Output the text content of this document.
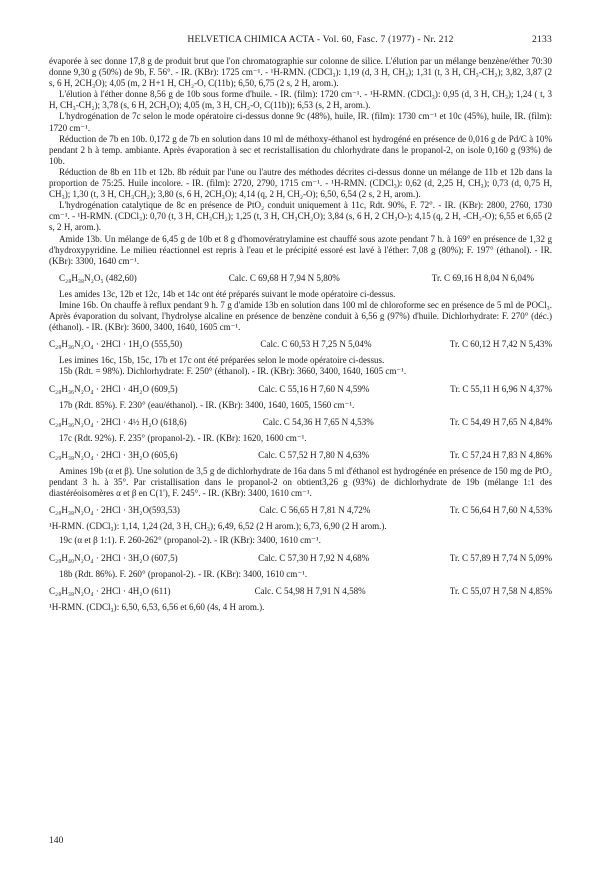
HELVETICA CHIMICA ACTA - Vol. 60, Fasc. 7 (1977) - Nr. 212	2133

évaporée à sec donne 17,8 g de produit brut que l'on chromatographie sur colonne de silice. L'élution par un mélange benzène/éther 70:30 donne 9,30 g (50%) de 9b, F. 56°. - IR. (KBr): 1725 cm⁻¹. - ¹H-RMN. (CDCl₃): 1,19 (d, 3 H, CH₃); 1,31 (t, 3 H, CH₃-CH₂); 3,82, 3,87 (2 s, 6 H, 2CH₃O); 4,05 (m, 2 H+1 H, CH₂-O, C(11b); 6,50, 6,75 (2 s, 2 H, arom.).

L'élution à l'éther donne 8,56 g de 10b sous forme d'huile. - IR. (film): 1720 cm⁻¹. - ¹H-RMN. (CDCl₃): 0,95 (d, 3 H, CH₃); 1,24 ( t, 3 H, CH₃-CH₂); 3,78 (s, 6 H, 2CH₃O); 4,05 (m, 3 H, CH₂-O, C(11b)); 6,53 (s, 2 H, arom.).

L'hydrogénation de 7c selon le mode opératoire ci-dessus donne 9c (48%), huile, IR. (film): 1730 cm⁻¹ et 10c (45%), huile, IR. (film): 1720 cm⁻¹.

Réduction de 7b en 10b. 0,172 g de 7b en solution dans 10 ml de méthoxy-éthanol est hydrogéné en présence de 0,016 g de Pd/C à 10% pendant 2 h à temp. ambiante. Après évaporation à sec et recristallisation du chlorhydrate dans le propanol-2, on isole 0,160 g (93%) de 10b.

Réduction de 8b en 11b et 12b. 8b réduit par l'une ou l'autre des méthodes décrites ci-dessus donne un mélange de 11b et 12b dans la proportion de 75:25. Huile incolore. - IR. (film): 2720, 2790, 1715 cm⁻¹. - ¹H-RMN. (CDCl₃): 0,62 (d, 2,25 H, CH₃); 0,73 (d, 0,75 H, CH₃); 1,30 (t, 3 H, CH₃CH₂); 3,80 (s, 6 H, 2CH₃O); 4,14 (q, 2 H, CH₂-O); 6,50, 6,54 (2 s, 2 H, arom.).

L'hydrogénation catalytique de 8c en présence de PtO₂ conduit uniquement à 11c, Rdt. 90%, F. 72°. - IR. (KBr): 2800, 2760, 1730 cm⁻¹. - ¹H-RMN. (CDCl₃): 0,70 (t, 3 H, CH₃CH₂); 1,25 (t, 3 H, CH₃CH₂O); 3,84 (s, 6 H, 2 CH₃O-); 4,15 (q, 2 H, -CH₂-O); 6,55 et 6,65 (2 s, 2 H, arom.).

Amide 13b. Un mélange de 6,45 g de 10b et 8 g d'homovératrylamine est chauffé sous azote pendant 7 h. à 169° en présence de 1,32 g d'hydroxypyridine. Le milieu réactionnel est repris à l'eau et le précipité essoré est lavé à l'éther: 7,08 g (80%); F. 197° (éthanol). - IR. (KBr): 3300, 1640 cm⁻¹.

C₂₈H₃₈N₂O₅ (482,60)	Calc. C 69,68 H 7,94 N 5,80%	Tr. C 69,16 H 8,04 N 6,04%

Les amides 13c, 12b et 12c, 14b et 14c ont été préparés suivant le mode opératoire ci-dessus.

Imine 16b. On chauffe à reflux pendant 9 h. 7 g d'amide 13b en solution dans 100 ml de chloroforme sec en présence de 5 ml de POCl₃. Après évaporation du solvant, l'hydrolyse alcaline en présence de benzène conduit à 6,56 g (97%) d'huile. Dichlorhydrate: F. 270° (déc.) (éthanol). - IR. (KBr): 3600, 3400, 1640, 1605 cm⁻¹.

C₂₈H₃₆N₂O₄ · 2HCl · 1H₂O (555,50)	Calc. C 60,53 H 7,25 N 5,04%	Tr. C 60,12 H 7,42 N 5,43%

Les imines 16c, 15b, 15c, 17b et 17c ont été préparées selon le mode opératoire ci-dessus.

15b (Rdt. = 98%). Dichlorhydrate: F. 250° (éthanol). - IR. (KBr): 3660, 3400, 1640, 1605 cm⁻¹.

C₂₈H₃₆N₂O₄ · 2HCl · 4H₂O (609,5)	Calc. C 55,16 H 7,60 N 4,59%	Tr. C 55,11 H 6,96 N 4,37%

17b (Rdt. 85%). F. 230° (eau/éthanol). - IR. (KBr): 3400, 1640, 1605, 1560 cm⁻¹.

C₂₈H₃₆N₂O₄ · 2HCl · 4½ H₂O (618,6)	Calc. C 54,36 H 7,65 N 4,53%	Tr. C 54,49 H 7,65 N 4,84%

17c (Rdt. 92%). F. 235° (propanol-2). - IR. (KBr): 1620, 1600 cm⁻¹.

C₂₉H₃₈N₂O₄ · 2HCl · 3H₂O (605,6)	Calc. C 57,52 H 7,80 N 4,63%	Tr. C 57,24 H 7,83 N 4,86%

Amines 19b (α et β). Une solution de 3,5 g de dichlorhydrate de 16a dans 5 ml d'éthanol est hydrogénée en présence de 150 mg de PtO₂ pendant 3 h. à 35°. Par cristallisation dans le propanol-2 on obtient3,26 g (93%) de dichlorhydrate de 19b (mélange 1:1 des diastéréoisomères α et β en C(1'), F. 245°. - IR. (KBr): 3400, 1610 cm⁻¹.

C₂₈H₃₈N₂O₄ · 2HCl · 3H₂O(593,53)	Calc. C 56,65 H 7,81 N 4,72%	Tr. C 56,64 H 7,60 N 4,53%

¹H-RMN. (CDCl₃): 1,14, 1,24 (2d, 3 H, CH₃); 6,49, 6,52 (2 H arom.); 6,73, 6,90 (2 H arom.).

19c (α et β 1:1). F. 260-262° (propanol-2). - IR (KBr): 3400, 1610 cm⁻¹.

C₂₉H₄₀N₂O₄ · 2HCl · 3H₂O (607,5)	Calc. C 57,30 H 7,92 N 4,68%	Tr. C 57,89 H 7,74 N 5,09%

18b (Rdt. 86%). F. 260° (propanol-2). - IR. (KBr): 3400, 1610 cm⁻¹.

C₂₈H₃₈N₂O₄ · 2HCl · 4H₂O (611)	Calc. C 54,98 H 7,91 N 4,58%	Tr. C 55,07 H 7,58 N 4,85%

¹H-RMN. (CDCl₃): 6,50, 6,53, 6,56 et 6,60 (4s, 4 H arom.).

140
